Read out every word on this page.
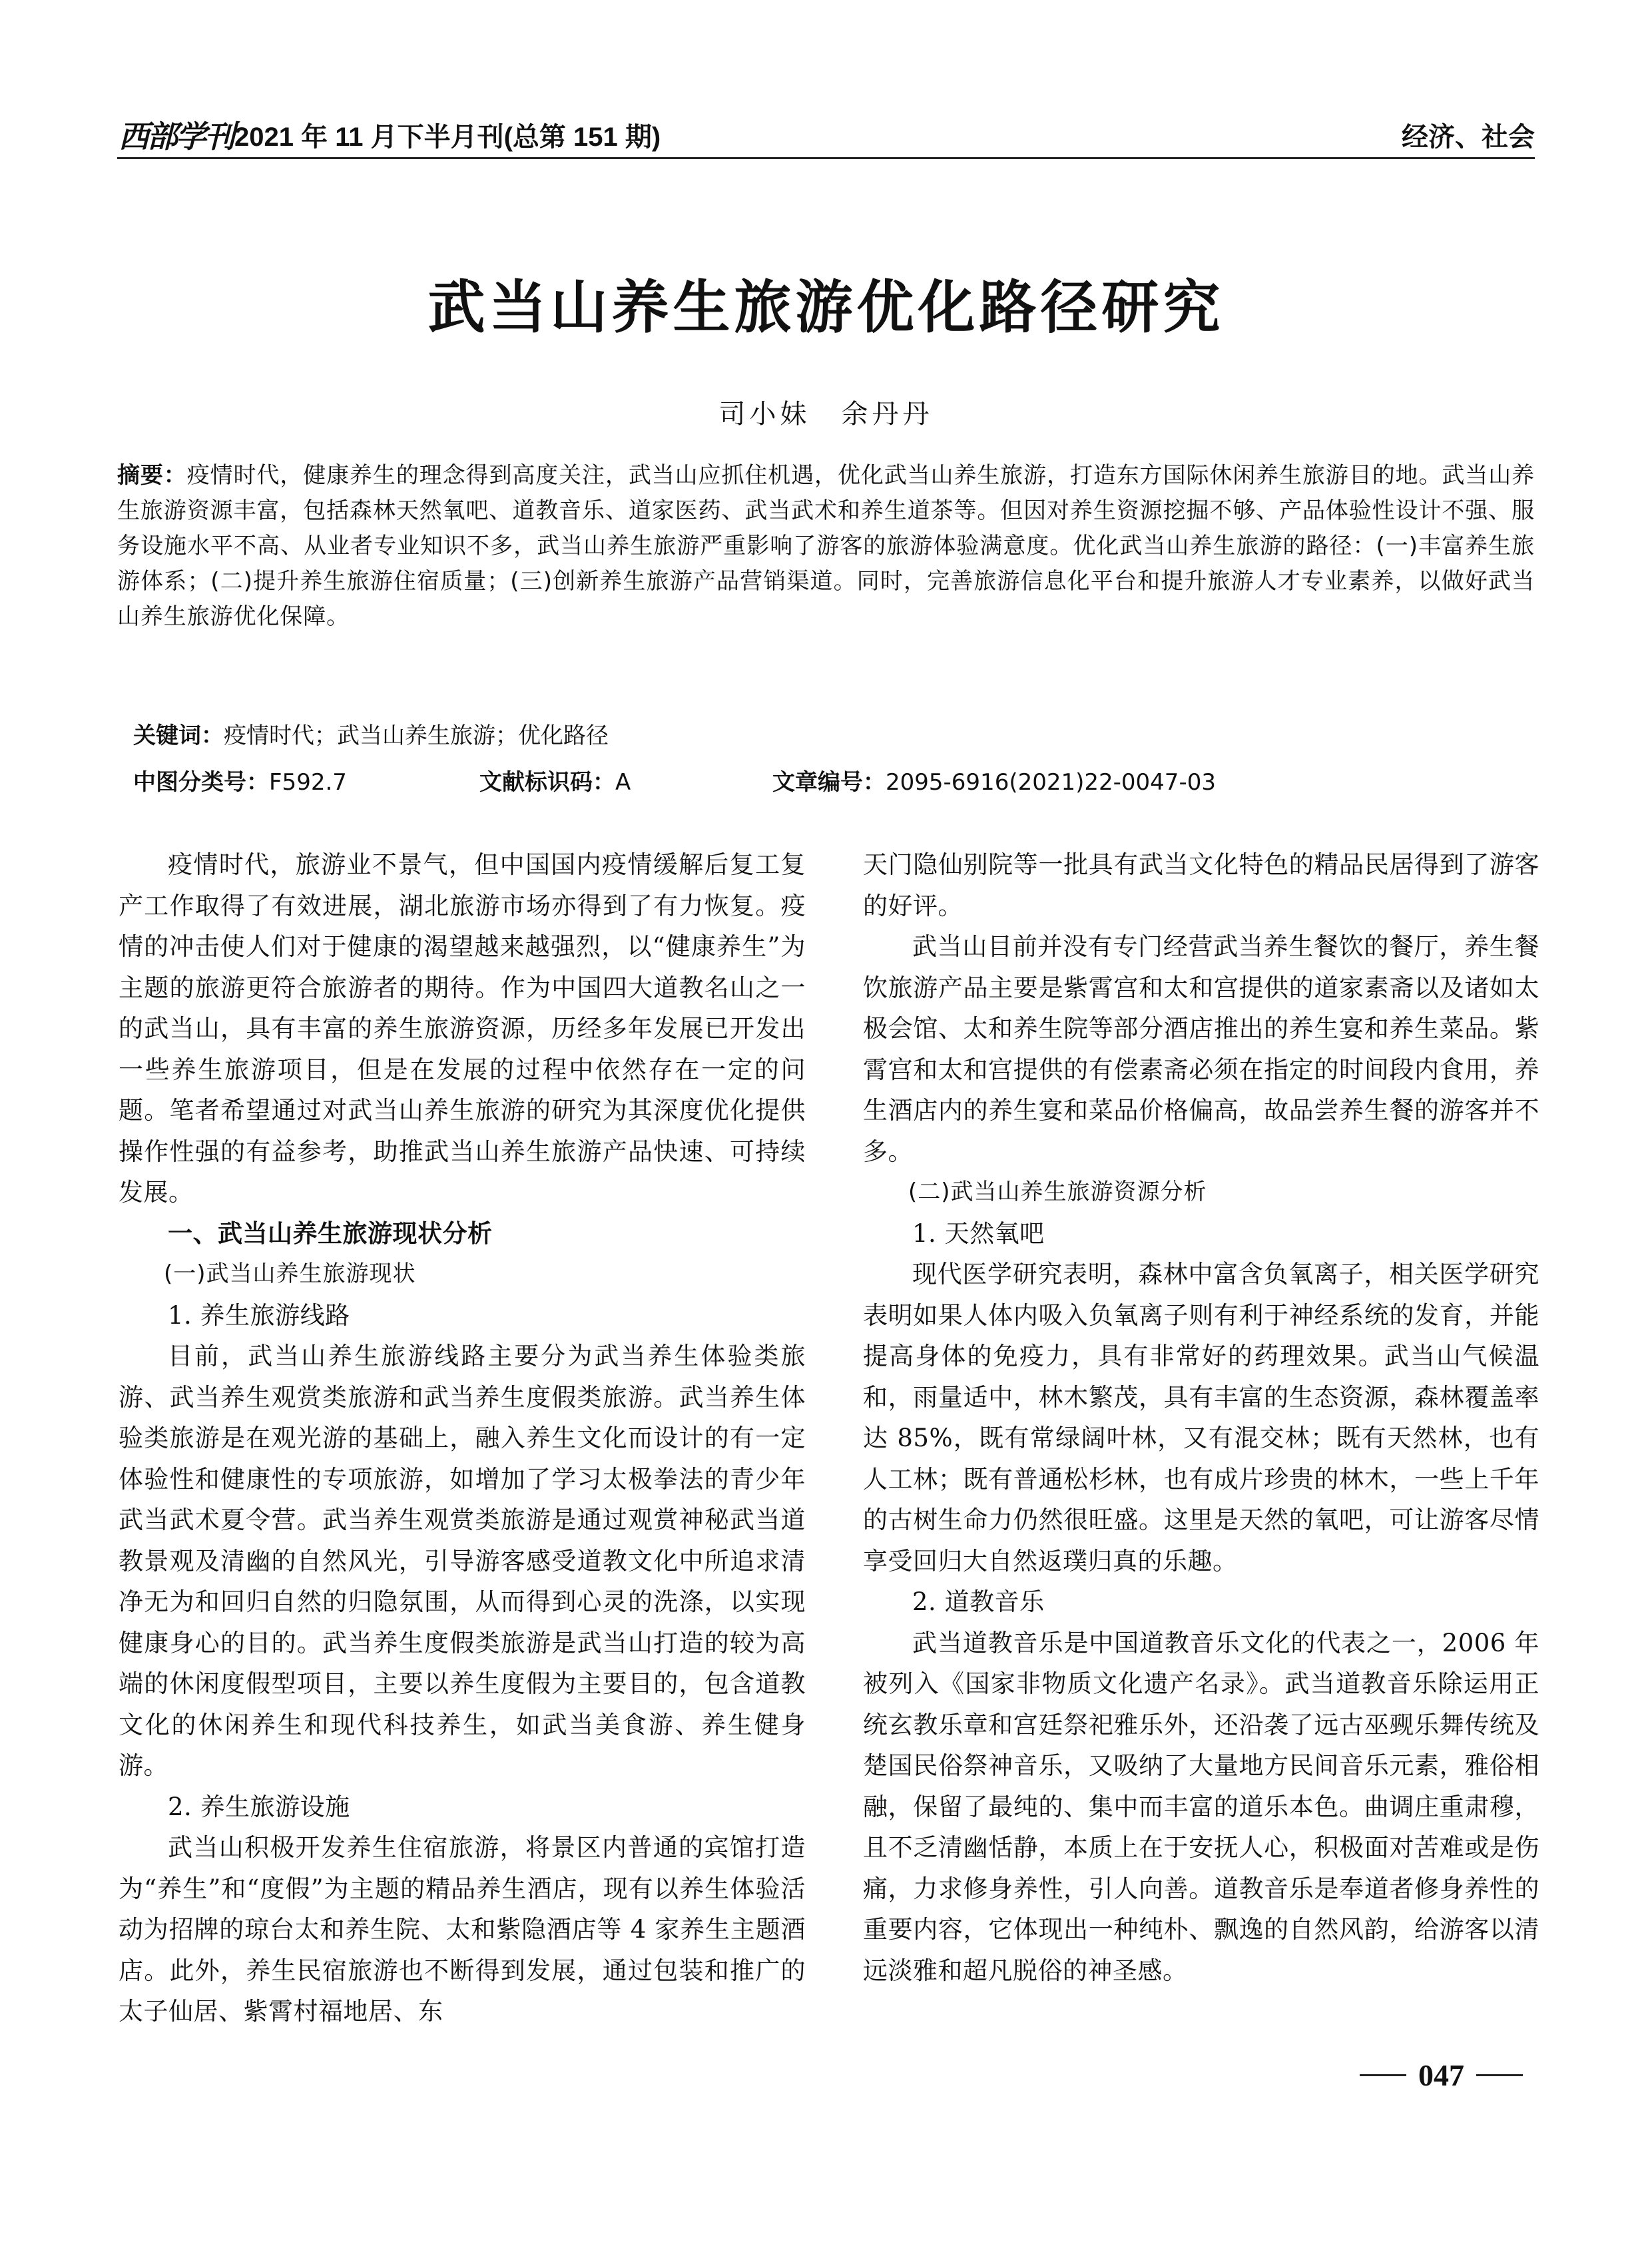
西部学刊 2021 年 11 月下半月刊(总第 151 期)	经济、社会
武当山养生旅游优化路径研究
司小妹　余丹丹
摘要：疫情时代，健康养生的理念得到高度关注，武当山应抓住机遇，优化武当山养生旅游，打造东方国际休闲养生旅游目的地。武当山养生旅游资源丰富，包括森林天然氧吧、道教音乐、道家医药、武当武术和养生道茶等。但因对养生资源挖掘不够、产品体验性设计不强、服务设施水平不高、从业者专业知识不多，武当山养生旅游严重影响了游客的旅游体验满意度。优化武当山养生旅游的路径：(一)丰富养生旅游体系；(二)提升养生旅游住宿质量；(三)创新养生旅游产品营销渠道。同时，完善旅游信息化平台和提升旅游人才专业素养，以做好武当山养生旅游优化保障。
关键词：疫情时代；武当山养生旅游；优化路径
中图分类号：F592.7	文献标识码：A	文章编号：2095-6916(2021)22-0047-03

疫情时代，旅游业不景气，但中国国内疫情缓解后复工复产工作取得了有效进展，湖北旅游市场亦得到了有力恢复。疫情的冲击使人们对于健康的渴望越来越强烈，以“健康养生”为主题的旅游更符合旅游者的期待。作为中国四大道教名山之一的武当山，具有丰富的养生旅游资源，历经多年发展已开发出一些养生旅游项目，但是在发展的过程中依然存在一定的问题。笔者希望通过对武当山养生旅游的研究为其深度优化提供操作性强的有益参考，助推武当山养生旅游产品快速、可持续发展。

一、武当山养生旅游现状分析
(一)武当山养生旅游现状
1. 养生旅游线路

目前，武当山养生旅游线路主要分为武当养生体验类旅游、武当养生观赏类旅游和武当养生度假类旅游。武当养生体验类旅游是在观光游的基础上，融入养生文化而设计的有一定体验性和健康性的专项旅游，如增加了学习太极拳法的青少年武当武术夏令营。武当养生观赏类旅游是通过观赏神秘武当道教景观及清幽的自然风光，引导游客感受道教文化中所追求清净无为和回归自然的归隐氛围，从而得到心灵的洗涤，以实现健康身心的目的。武当养生度假类旅游是武当山打造的较为高端的休闲度假型项目，主要以养生度假为主要目的，包含道教文化的休闲养生和现代科技养生，如武当美食游、养生健身游。

2. 养生旅游设施

武当山积极开发养生住宿旅游，将景区内普通的宾馆打造为“养生”和“度假”为主题的精品养生酒店，现有以养生体验活动为招牌的琼台太和养生院、太和紫隐酒店等 4 家养生主题酒店。此外，养生民宿旅游也不断得到发展，通过包装和推广的太子仙居、紫霄村福地居、东

天门隐仙别院等一批具有武当文化特色的精品民居得到了游客的好评。

武当山目前并没有专门经营武当养生餐饮的餐厅，养生餐饮旅游产品主要是紫霄宫和太和宫提供的道家素斋以及诸如太极会馆、太和养生院等部分酒店推出的养生宴和养生菜品。紫霄宫和太和宫提供的有偿素斋必须在指定的时间段内食用，养生酒店内的养生宴和菜品价格偏高，故品尝养生餐的游客并不多。

(二)武当山养生旅游资源分析
1. 天然氧吧

现代医学研究表明，森林中富含负氧离子，相关医学研究表明如果人体内吸入负氧离子则有利于神经系统的发育，并能提高身体的免疫力，具有非常好的药理效果。武当山气候温和，雨量适中，林木繁茂，具有丰富的生态资源，森林覆盖率达 85%，既有常绿阔叶林，又有混交林；既有天然林，也有人工林；既有普通松杉林，也有成片珍贵的林木，一些上千年的古树生命力仍然很旺盛。这里是天然的氧吧，可让游客尽情享受回归大自然返璞归真的乐趣。

2. 道教音乐

武当道教音乐是中国道教音乐文化的代表之一，2006 年被列入《国家非物质文化遗产名录》。武当道教音乐除运用正统玄教乐章和宫廷祭祀雅乐外，还沿袭了远古巫觋乐舞传统及楚国民俗祭神音乐，又吸纳了大量地方民间音乐元素，雅俗相融，保留了最纯的、集中而丰富的道乐本色。曲调庄重肃穆，且不乏清幽恬静，本质上在于安抚人心，积极面对苦难或是伤痛，力求修身养性，引人向善。道教音乐是奉道者修身养性的重要内容，它体现出一种纯朴、飘逸的自然风韵，给游客以清远淡雅和超凡脱俗的神圣感。

047
